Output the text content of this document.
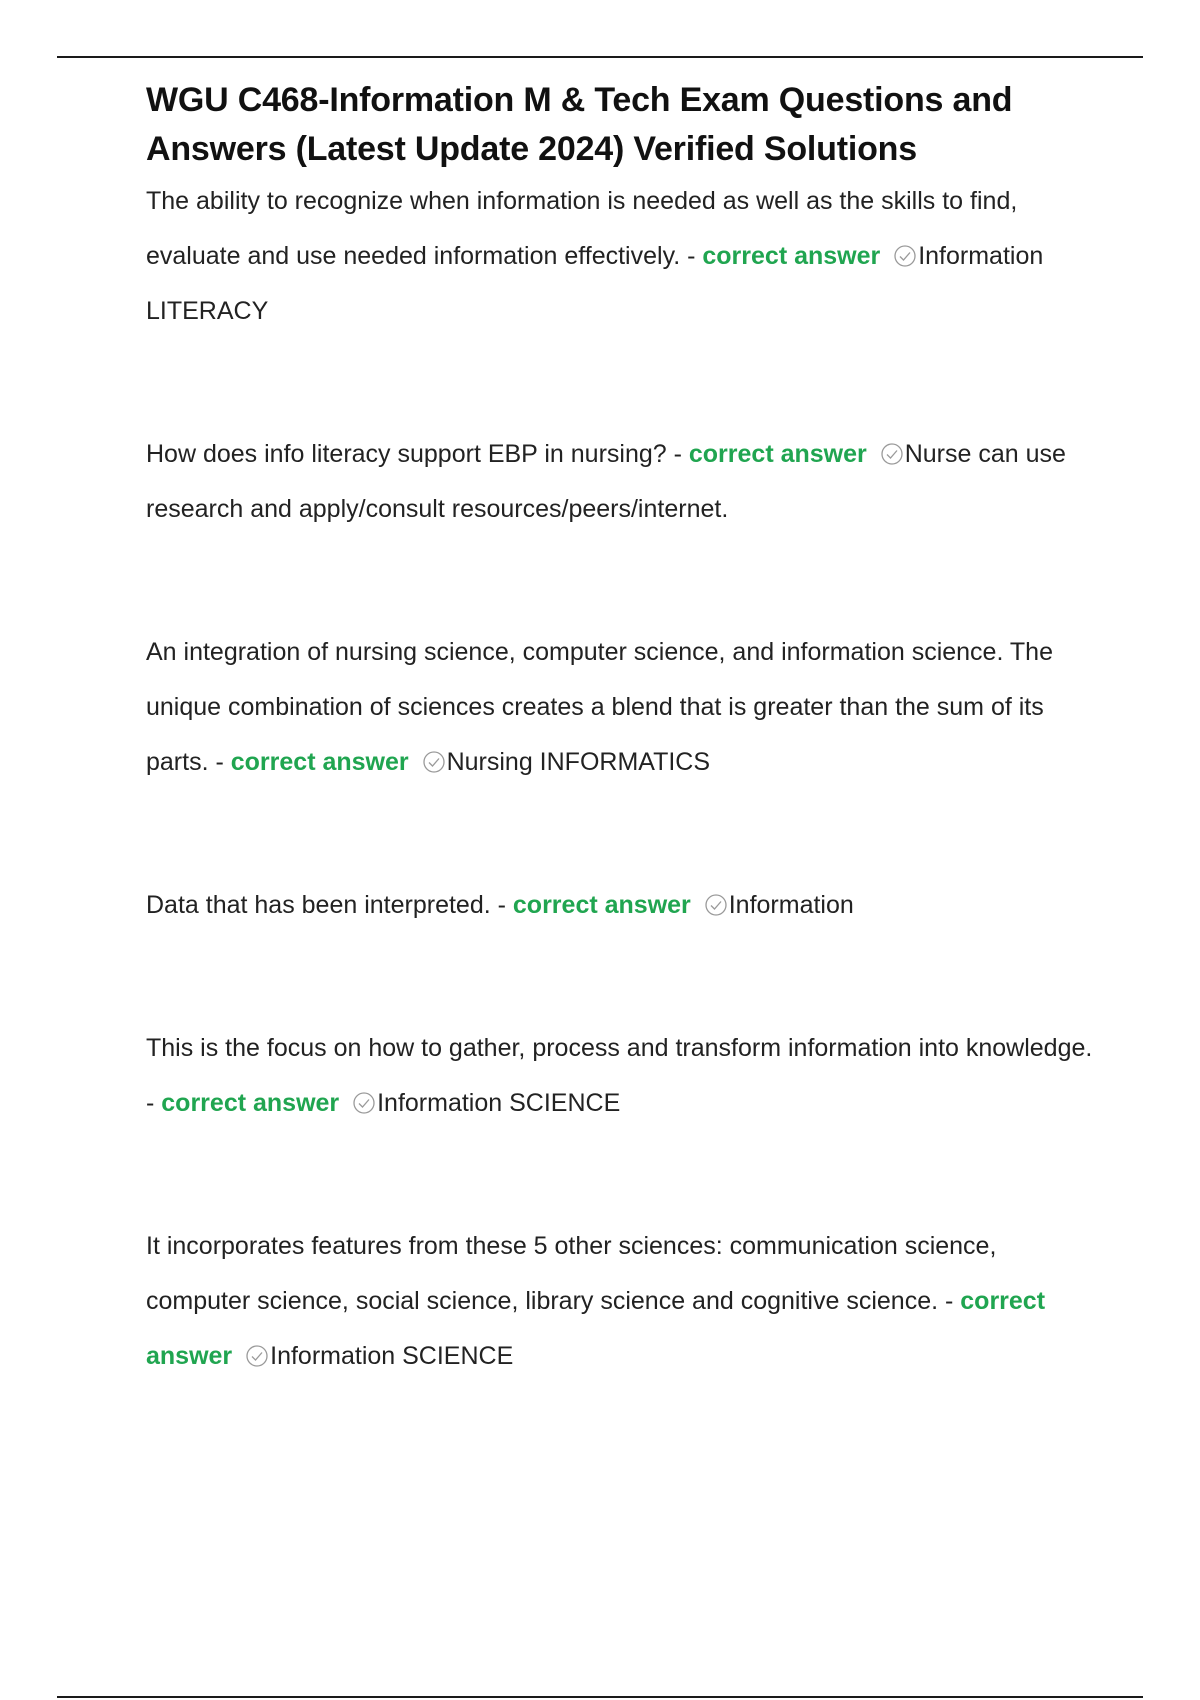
WGU C468-Information M & Tech Exam Questions and Answers (Latest Update 2024) Verified Solutions

The ability to recognize when information is needed as well as the skills to find, evaluate and use needed information effectively. - correct answer Information LITERACY

How does info literacy support EBP in nursing? - correct answer Nurse can use research and apply/consult resources/peers/internet.

An integration of nursing science, computer science, and information science. The unique combination of sciences creates a blend that is greater than the sum of its parts. - correct answer Nursing INFORMATICS

Data that has been interpreted. - correct answer Information

This is the focus on how to gather, process and transform information into knowledge. - correct answer Information SCIENCE

It incorporates features from these 5 other sciences: communication science, computer science, social science, library science and cognitive science. - correct answer Information SCIENCE
